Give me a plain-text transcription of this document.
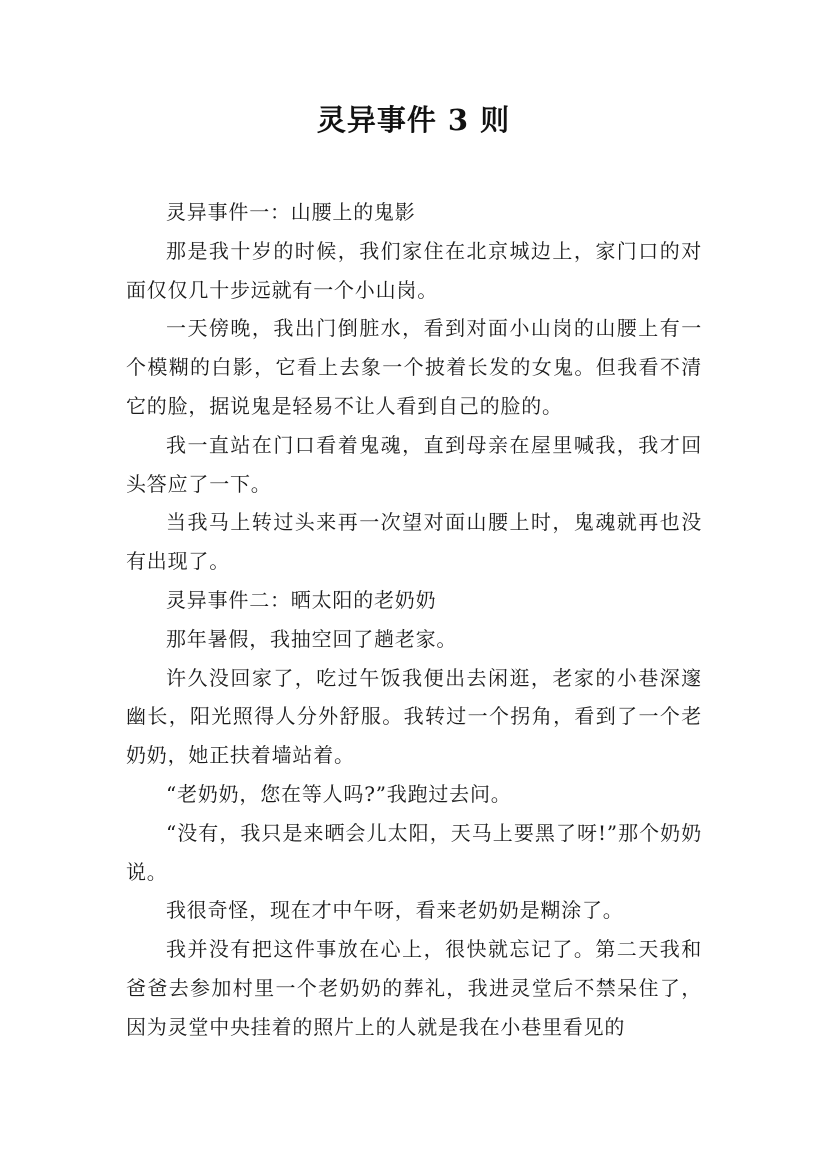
灵异事件 3 则

灵异事件一：山腰上的鬼影

那是我十岁的时候，我们家住在北京城边上，家门口的对面仅仅几十步远就有一个小山岗。

一天傍晚，我出门倒脏水，看到对面小山岗的山腰上有一个模糊的白影，它看上去象一个披着长发的女鬼。但我看不清它的脸，据说鬼是轻易不让人看到自己的脸的。

我一直站在门口看着鬼魂，直到母亲在屋里喊我，我才回头答应了一下。

当我马上转过头来再一次望对面山腰上时，鬼魂就再也没有出现了。

灵异事件二：晒太阳的老奶奶

那年暑假，我抽空回了趟老家。

许久没回家了，吃过午饭我便出去闲逛，老家的小巷深邃幽长，阳光照得人分外舒服。我转过一个拐角，看到了一个老奶奶，她正扶着墙站着。

“老奶奶，您在等人吗?”我跑过去问。

“没有，我只是来晒会儿太阳，天马上要黑了呀!”那个奶奶说。

我很奇怪，现在才中午呀，看来老奶奶是糊涂了。

我并没有把这件事放在心上，很快就忘记了。第二天我和爸爸去参加村里一个老奶奶的葬礼，我进灵堂后不禁呆住了，因为灵堂中央挂着的照片上的人就是我在小巷里看见的
